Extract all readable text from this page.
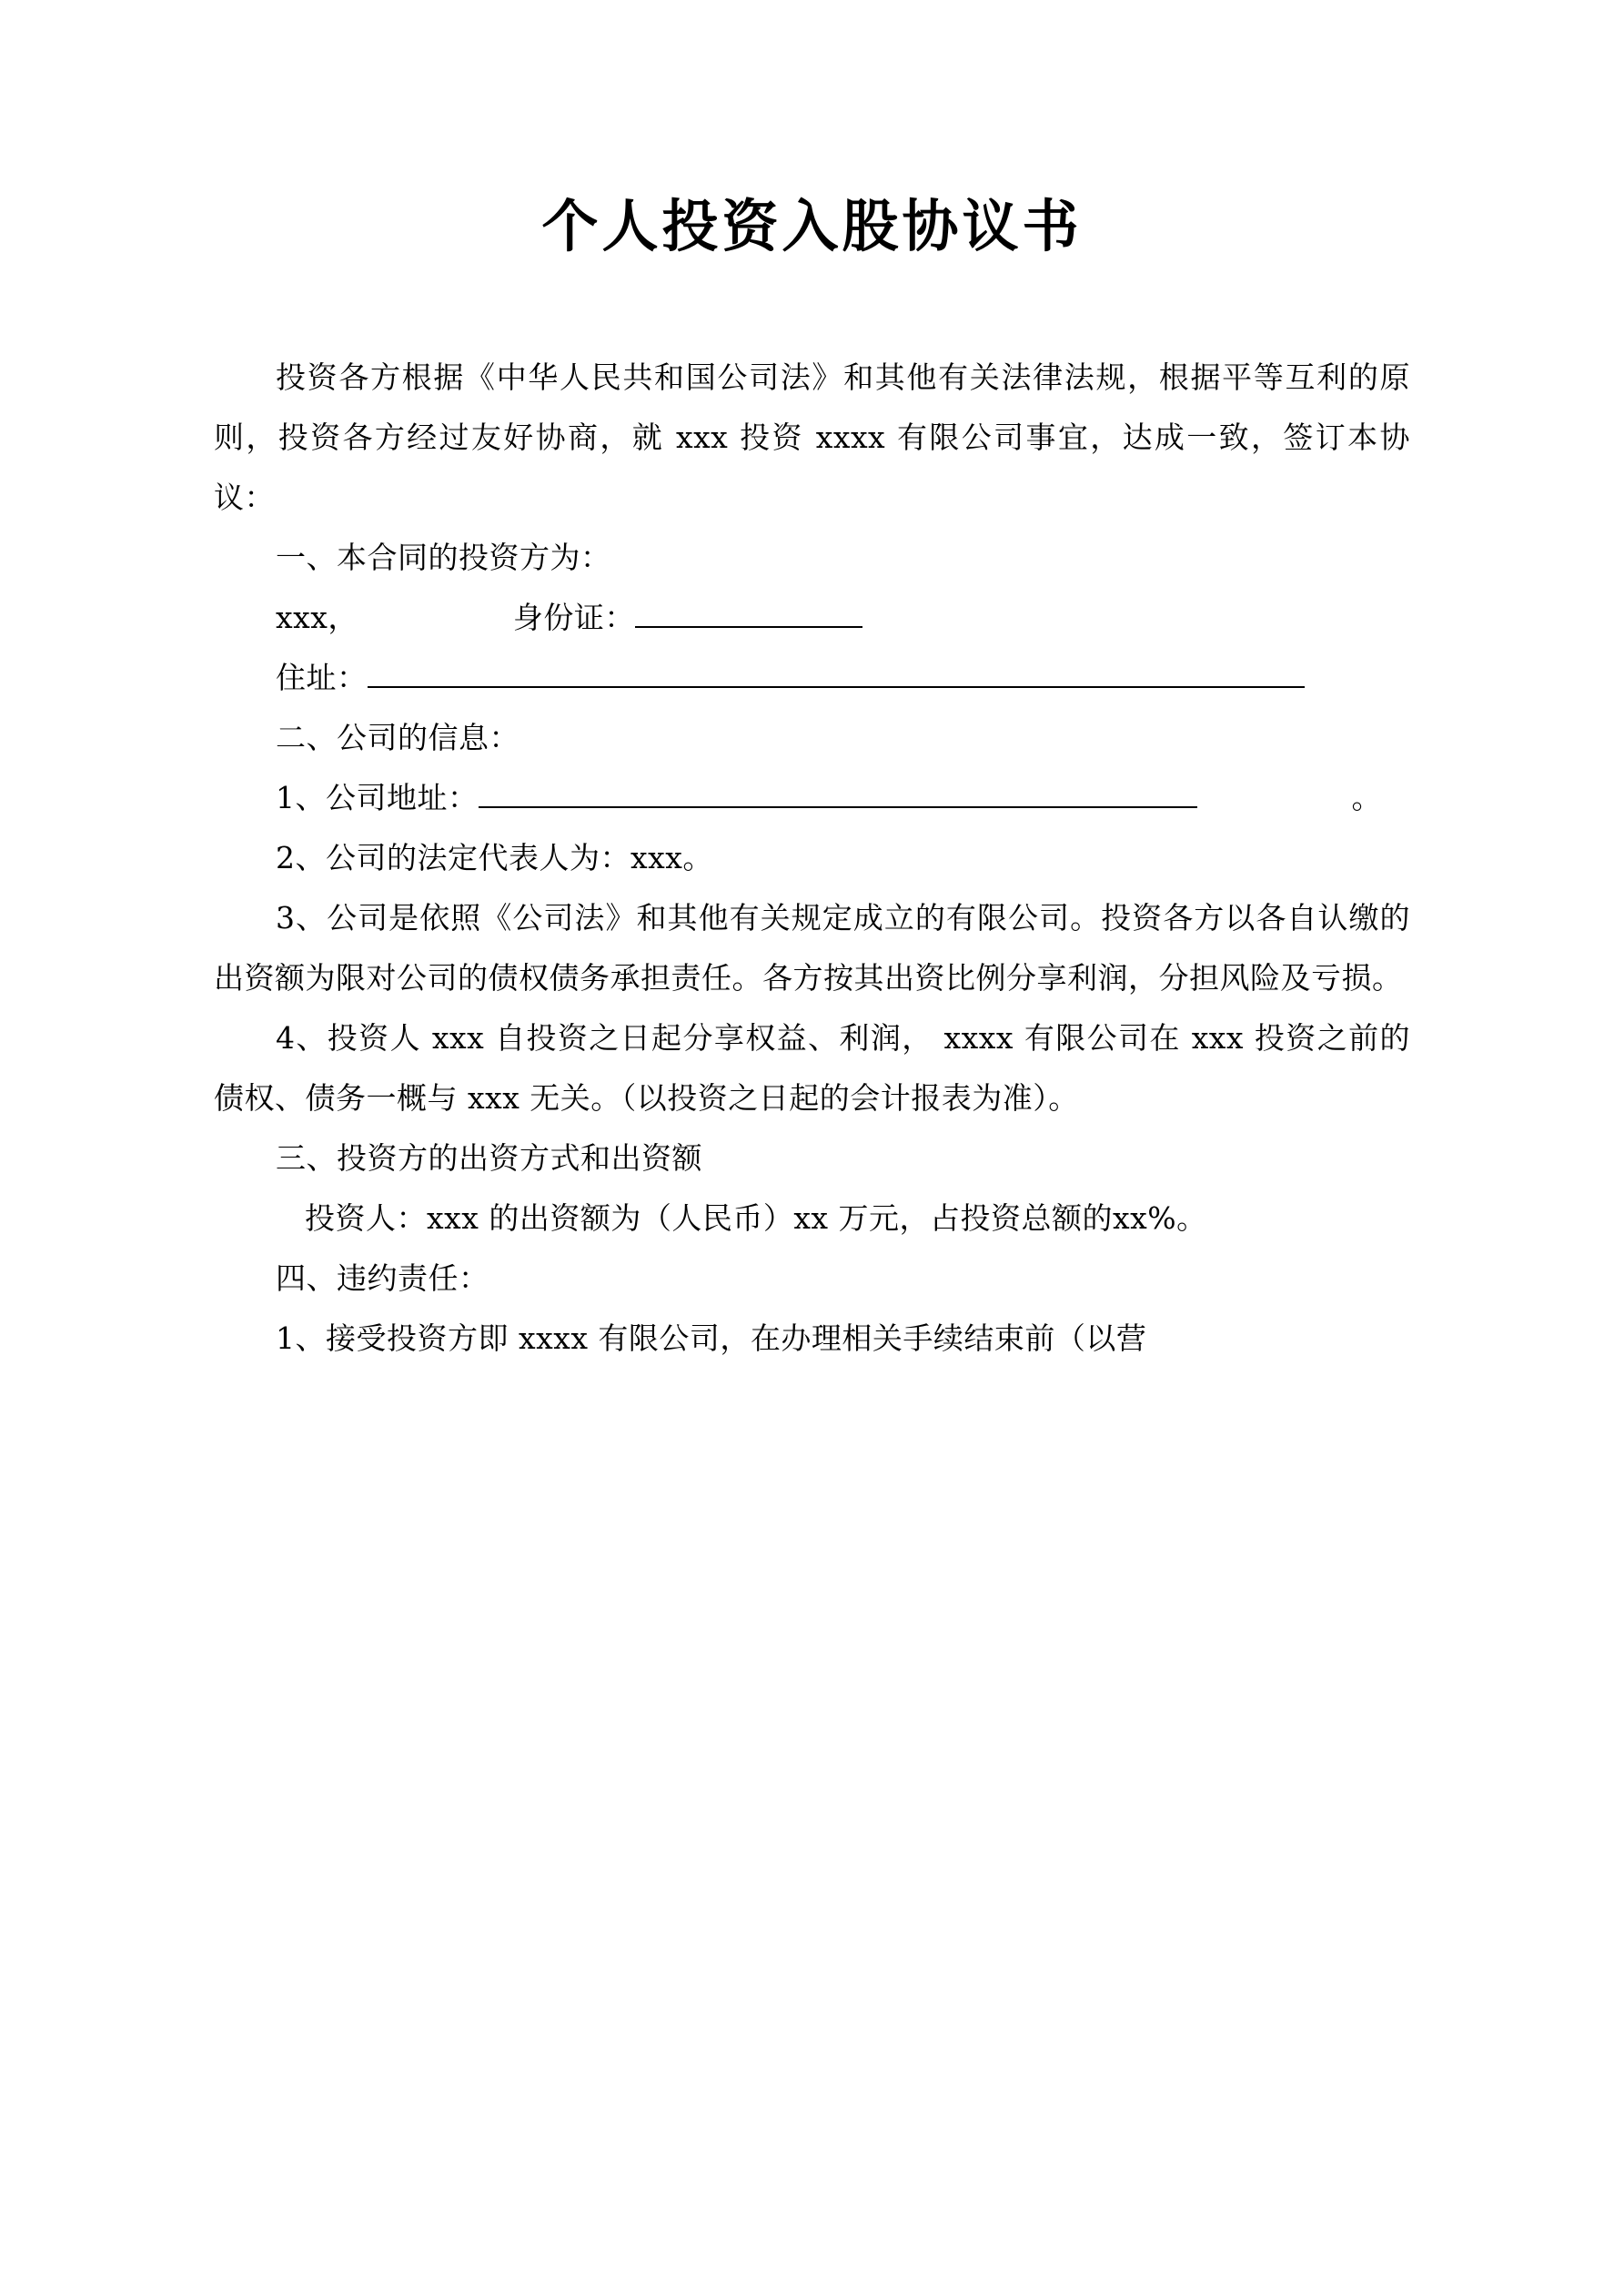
个人投资入股协议书

投资各方根据《中华人民共和国公司法》和其他有关法律法规，根据平等互利的原则，投资各方经过友好协商，就 xxx 投资 xxxx 有限公司事宜，达成一致，签订本协议：

一、本合同的投资方为：

xxx，	身份证：

住址：

二、公司的信息：

1、公司地址：	。

2、公司的法定代表人为：xxx。

3、公司是依照《公司法》和其他有关规定成立的有限公司。投资各方以各自认缴的出资额为限对公司的债权债务承担责任。各方按其出资比例分享利润，分担风险及亏损。

4、投资人 xxx 自投资之日起分享权益、利润， xxxx 有限公司在 xxx 投资之前的债权、债务一概与 xxx 无关。（以投资之日起的会计报表为准）。

三、投资方的出资方式和出资额

投资人：xxx 的出资额为（人民币）xx 万元，占投资总额的xx%。

四、违约责任：

1、接受投资方即 xxxx 有限公司，在办理相关手续结束前（以营
